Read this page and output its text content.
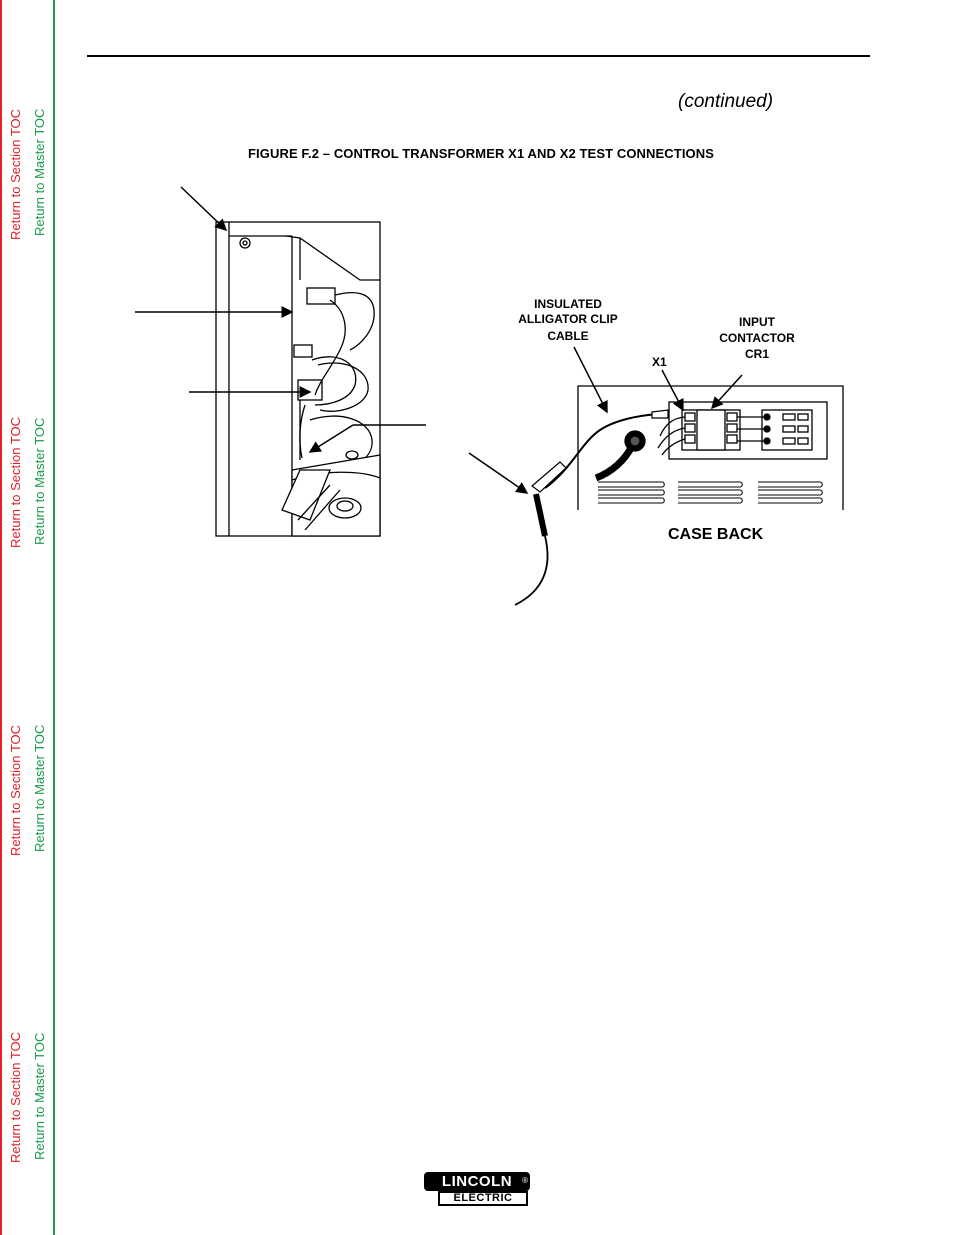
Return to Section TOC Return to Master TOC
Return to Section TOC Return to Master TOC
Return to Section TOC Return to Master TOC
Return to Section TOC Return to Master TOC
(continued)
FIGURE F.2 – CONTROL TRANSFORMER X1 AND X2 TEST CONNECTIONS
INSULATED
ALLIGATOR CLIP
CABLE
INPUT
CONTACTOR
CR1
X1
CASE BACK
LINCOLN	®
ELECTRIC
